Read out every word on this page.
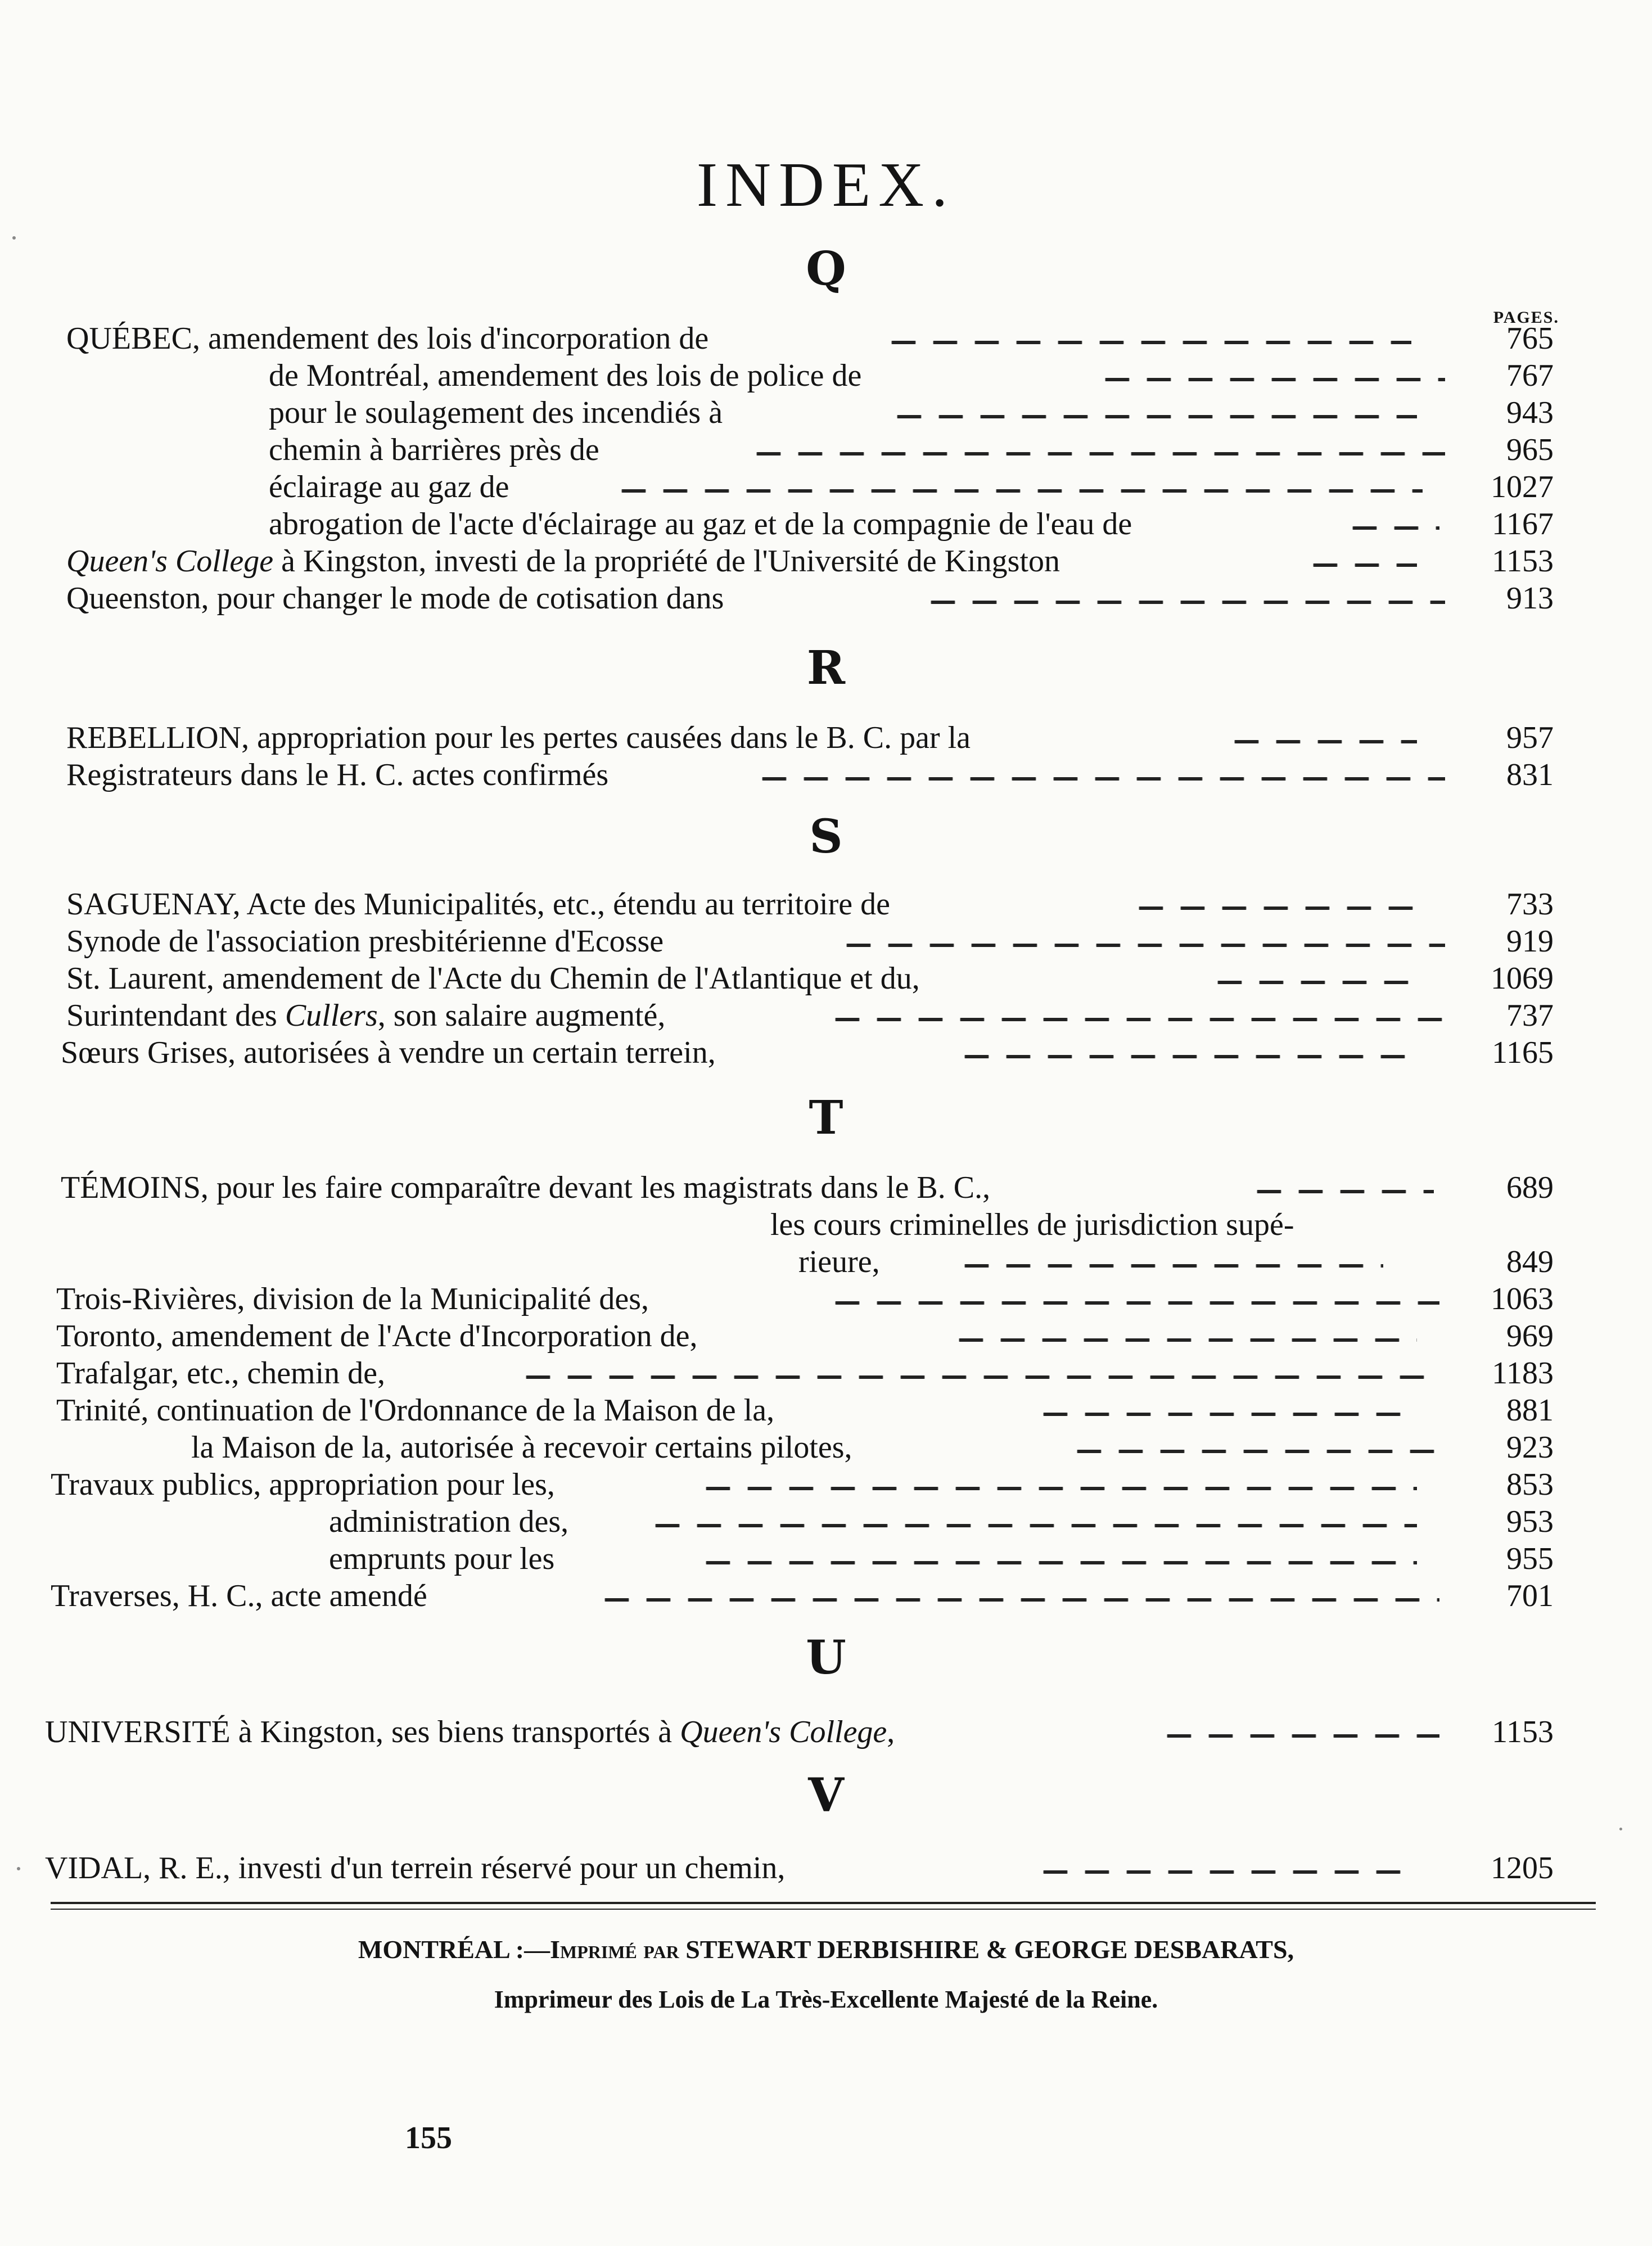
INDEX.
Q
PAGES.
QUÉBEC, amendement des lois d'incorporation de	765
de Montréal, amendement des lois de police de	767
pour le soulagement des incendiés à	943
chemin à barrières près de	965
éclairage au gaz de	1027
abrogation de l'acte d'éclairage au gaz et de la compagnie de l'eau de	1167
Queen's College à Kingston, investi de la propriété de l'Université de Kingston	1153
Queenston, pour changer le mode de cotisation dans	913
R
REBELLION, appropriation pour les pertes causées dans le B. C. par la	957
Registrateurs dans le H. C. actes confirmés	831
S
SAGUENAY, Acte des Municipalités, etc., étendu au territoire de	733
Synode de l'association presbitérienne d'Ecosse	919
St. Laurent, amendement de l'Acte du Chemin de l'Atlantique et du,	1069
Surintendant des Cullers, son salaire augmenté,	737
Sœurs Grises, autorisées à vendre un certain terrein,	1165
T
TÉMOINS, pour les faire comparaître devant les magistrats dans le B. C.,	689
les cours criminelles de jurisdiction supé-
rieure,	849
Trois-Rivières, division de la Municipalité des,	1063
Toronto, amendement de l'Acte d'Incorporation de,	969
Trafalgar, etc., chemin de,	1183
Trinité, continuation de l'Ordonnance de la Maison de la,	881
la Maison de la, autorisée à recevoir certains pilotes,	923
Travaux publics, appropriation pour les,	853
administration des,	953
emprunts pour les	955
Traverses, H. C., acte amendé	701
U
UNIVERSITÉ à Kingston, ses biens transportés à Queen's College,	1153
V
VIDAL, R. E., investi d'un terrein réservé pour un chemin,	1205
MONTRÉAL :—Imprimé par STEWART DERBISHIRE & GEORGE DESBARATS,
Imprimeur des Lois de La Très-Excellente Majesté de la Reine.
155
